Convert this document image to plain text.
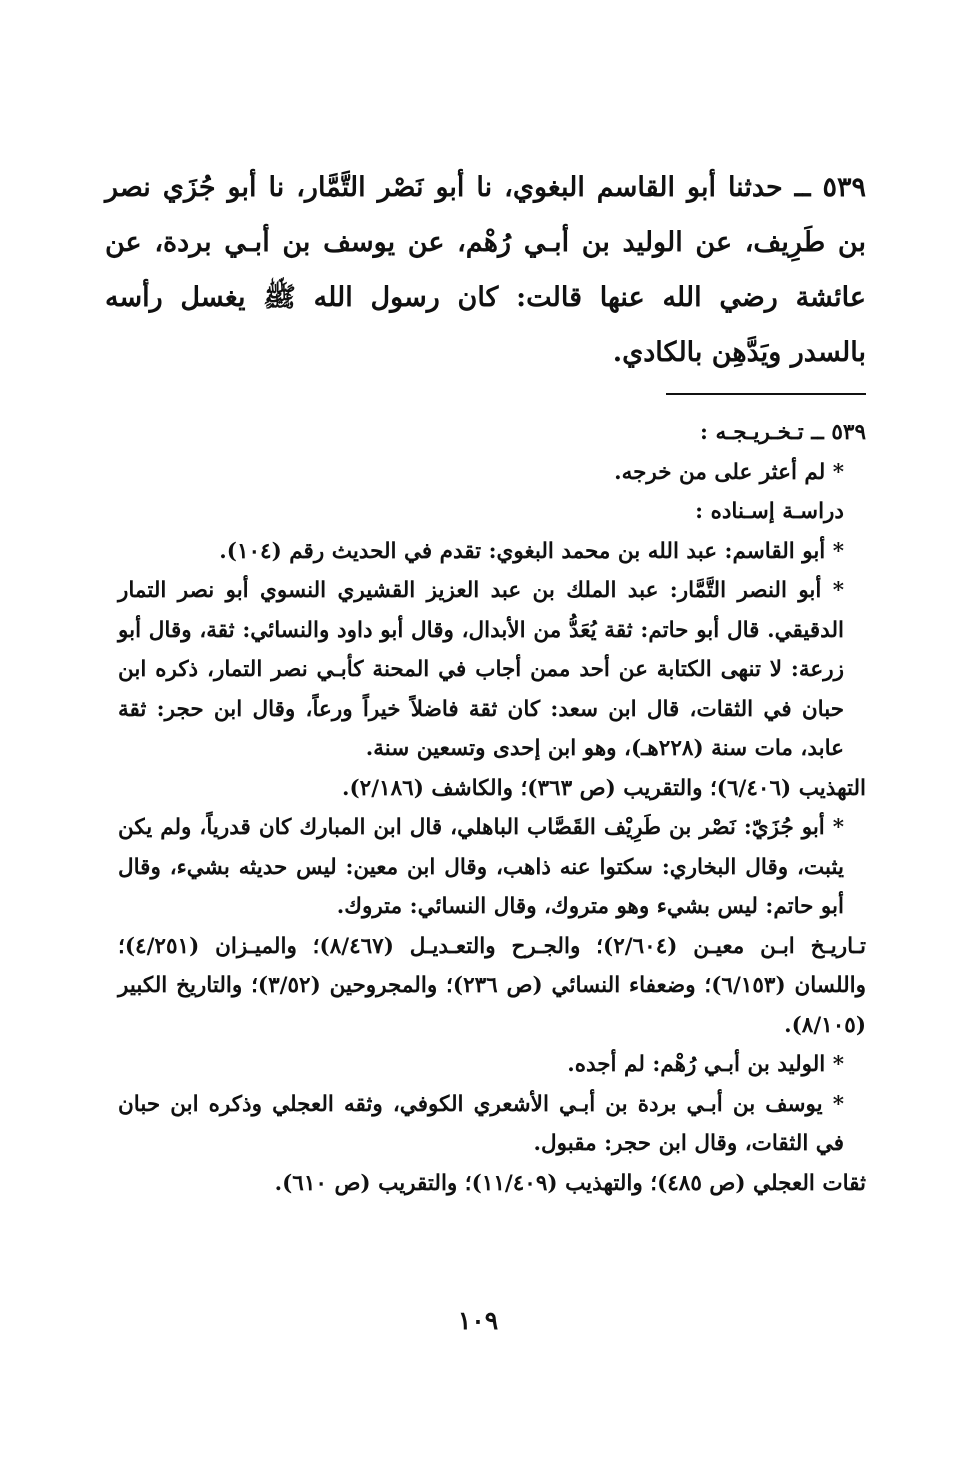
٥٣٩ ــ حدثنا أبو القاسم البغوي، نا أبو نَصْر التَّمَّار، نا أبو جُزَي نصر بن طَرِيف، عن الوليد بن أبـي رُهْم، عن يوسف بن أبـي بردة، عن عائشة رضي الله عنها قالت: كان رسول الله ﷺ يغسل رأسه بالسدر ويَدَّهِن بالكادي.

٥٣٩ ــ تـخـريـجـه :
* لم أعثر على من خرجه.
دراسـة إسـناده :
* أبو القاسم: عبد الله بن محمد البغوي: تقدم في الحديث رقم (١٠٤).
* أبو النصر التَّمَّار: عبد الملك بن عبد العزيز القشيري النسوي أبو نصر التمار الدقيقي. قال أبو حاتم: ثقة يُعَدُّ من الأبدال، وقال أبو داود والنسائي: ثقة، وقال أبو زرعة: لا تنهى الكتابة عن أحد ممن أجاب في المحنة كأبـي نصر التمار، ذكره ابن حبان في الثقات، قال ابن سعد: كان ثقة فاضلاً خيراً ورعاً، وقال ابن حجر: ثقة عابد، مات سنة (٢٢٨هـ)، وهو ابن إحدى وتسعين سنة.
التهذيب (٦/٤٠٦)؛ والتقريب (ص ٣٦٣)؛ والكاشف (٢/١٨٦).
* أبو جُزَيّ: نَصْر بن طَرِيْف القَصَّاب الباهلي، قال ابن المبارك كان قدرياً، ولم يكن يثبت، وقال البخاري: سكتوا عنه ذاهب، وقال ابن معين: ليس حديثه بشيء، وقال أبو حاتم: ليس بشيء وهو متروك، وقال النسائي: متروك.
تـاريـخ ابـن معيـن (٢/٦٠٤)؛ والجـرح والتعـديـل (٨/٤٦٧)؛ والميـزان (٤/٢٥١)؛ واللسان (٦/١٥٣)؛ وضعفاء النسائي (ص ٢٣٦)؛ والمجروحين (٣/٥٢)؛ والتاريخ الكبير (٨/١٠٥).
* الوليد بن أبـي رُهْم: لم أجده.
* يوسف بن أبـي بردة بن أبـي الأشعري الكوفي، وثقه العجلي وذكره ابن حبان في الثقات، وقال ابن حجر: مقبول.
ثقات العجلي (ص ٤٨٥)؛ والتهذيب (١١/٤٠٩)؛ والتقريب (ص ٦١٠).
١٠٩
